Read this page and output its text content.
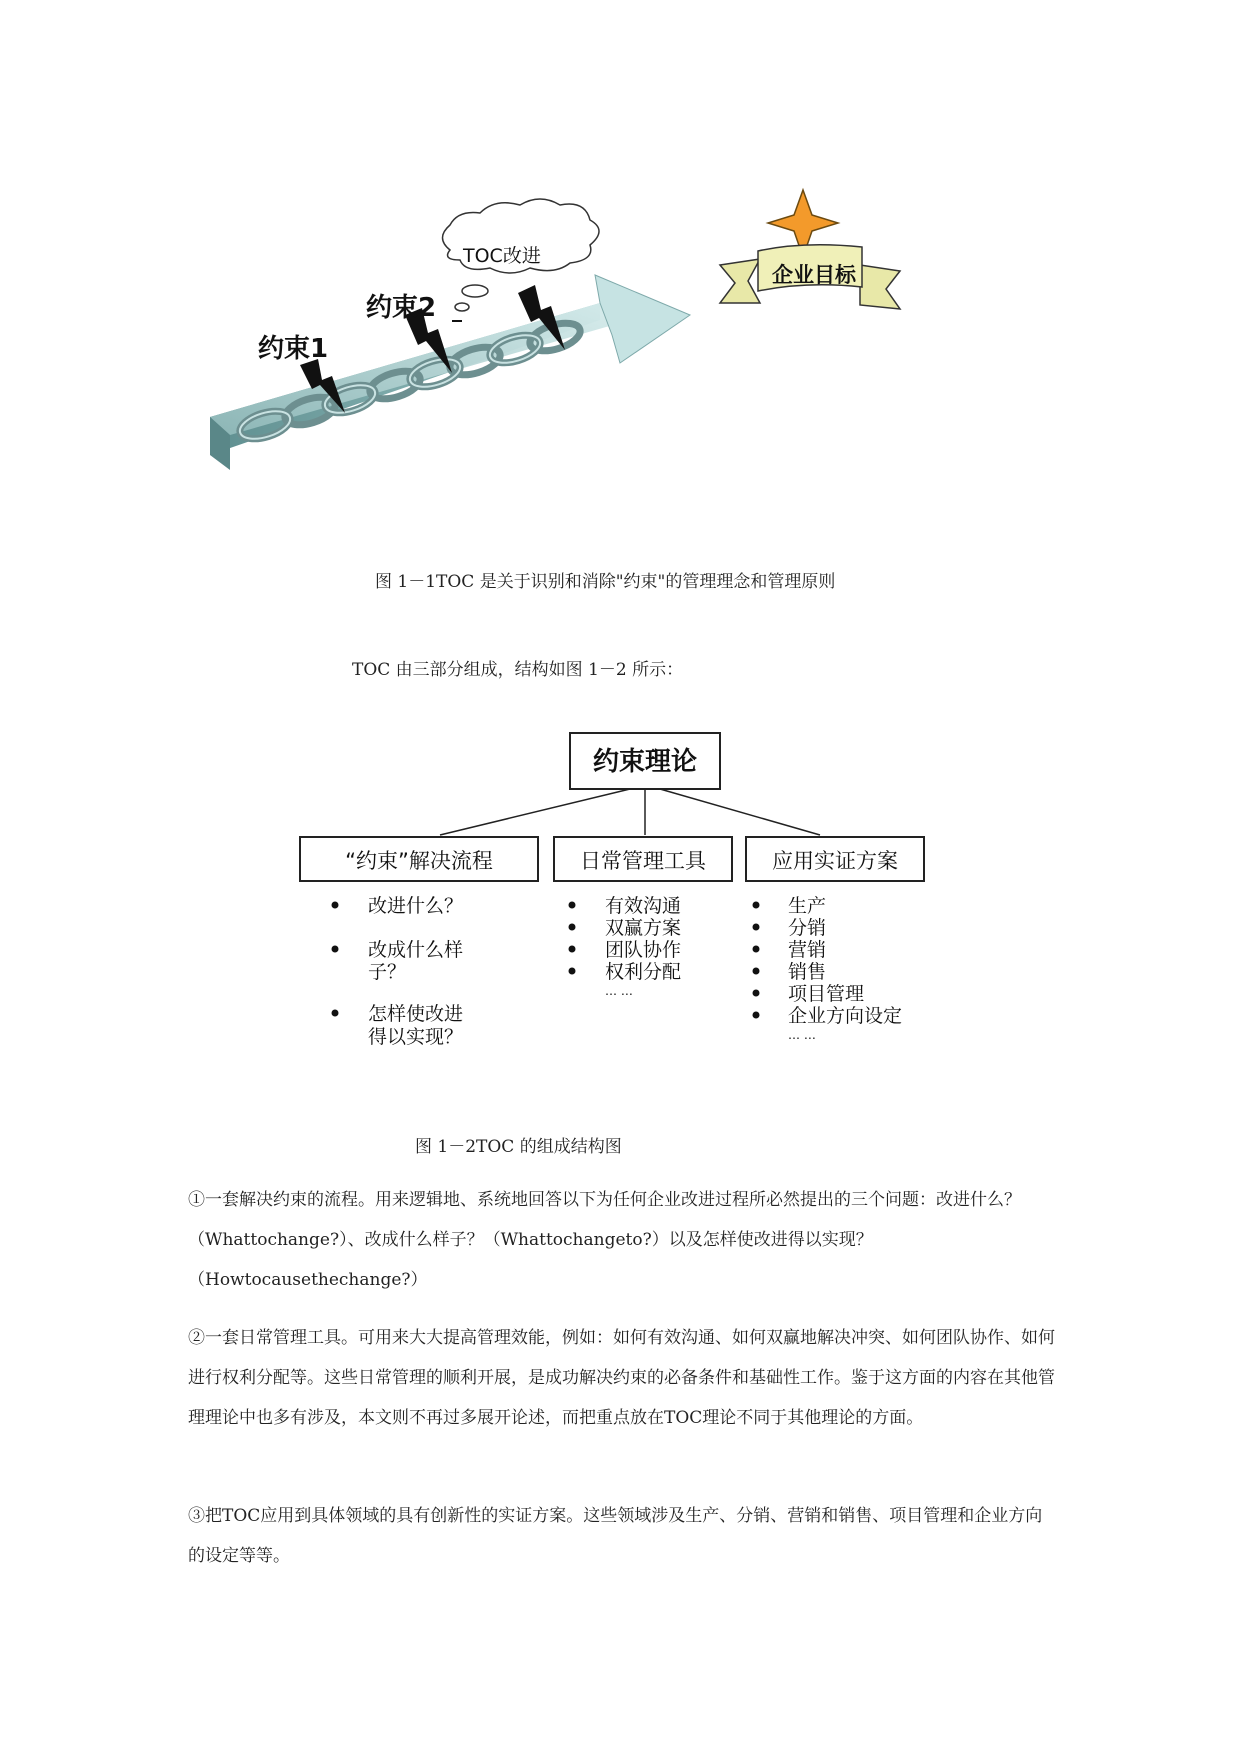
约束1
约束2
TOC改进
企业目标
图 1－1TOC 是关于识别和消除"约束"的管理理念和管理原则
TOC 由三部分组成，结构如图 1－2 所示：
约束理论
“约束”解决流程	日常管理工具	应用实证方案
改进什么？
改成什么样
子？
怎样使改进
得以实现？
有效沟通
双赢方案
团队协作
权利分配
… …
生产
分销
营销
销售
项目管理
企业方向设定
… …
图 1－2TOC 的组成结构图

①一套解决约束的流程。用来逻辑地、系统地回答以下为任何企业改进过程所必然提出的三个问题：改进什么？（Whattochange?）、改成什么样子？（Whattochangeto?）以及怎样使改进得以实现？（Howtocausethechange?）

②一套日常管理工具。可用来大大提高管理效能，例如：如何有效沟通、如何双赢地解决冲突、如何团队协作、如何进行权利分配等。这些日常管理的顺利开展，是成功解决约束的必备条件和基础性工作。鉴于这方面的内容在其他管理理论中也多有涉及，本文则不再过多展开论述，而把重点放在TOC理论不同于其他理论的方面。

③把TOC应用到具体领域的具有创新性的实证方案。这些领域涉及生产、分销、营销和销售、项目管理和企业方向的设定等等。
